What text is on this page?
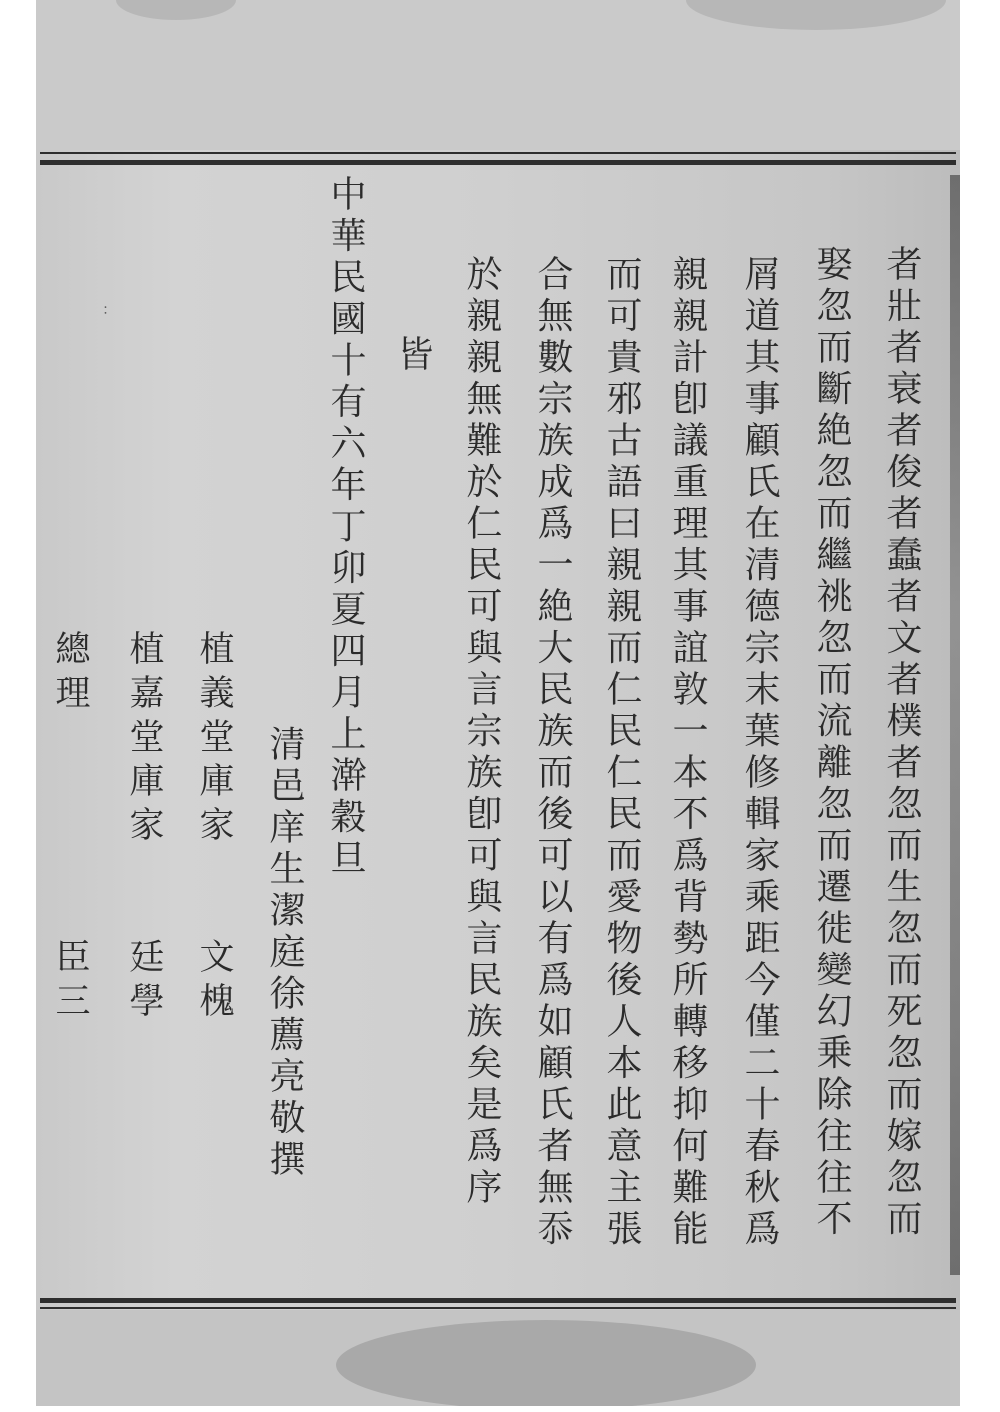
：	者壯者衰者俊者蠢者文者樸者忽而生忽而死忽而嫁忽而
娶忽而斷絶忽而繼祧忽而流離忽而遷徙變幻乗除往往不
屑道其事顧氏在清德宗末葉修輯家乘距今僅二十春秋爲
親親計卽議重理其事誼敦一本不爲背勢所轉移抑何難能
而可貴邪古語曰親親而仁民仁民而愛物後人本此意主張
合無數宗族成爲一絶大民族而後可以有爲如顧氏者無忝
於親親無難於仁民可與言宗族卽可與言民族矣是爲序
皆
中華民國十有六年丁卯夏四月上澣穀旦
清邑庠生潔庭徐薦亮敬撰
植義堂庫家　　文槐
植嘉堂庫家　　廷學
總理　　　　　臣三
